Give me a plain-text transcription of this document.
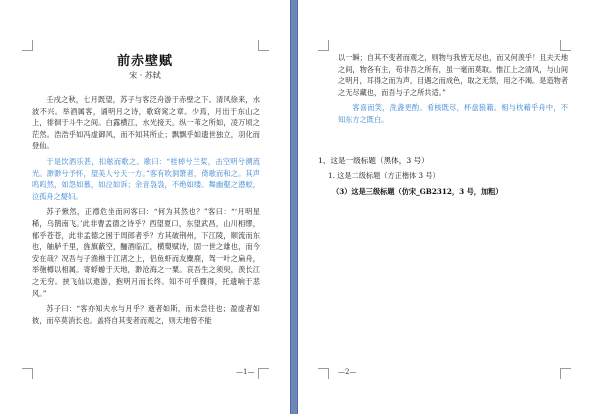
前赤壁赋
宋 · 苏轼

壬戌之秋，七月既望，苏子与客泛舟游于赤壁之下。清风徐来，水波不兴。举酒属客，诵明月之诗，歌窈窕之章。少焉，月出于东山之上，徘徊于斗牛之间。白露横江，水光接天。纵一苇之所如，凌万顷之茫然。浩浩乎如冯虚御风，而不知其所止；飘飘乎如遗世独立，羽化而登仙。

于是饮酒乐甚，扣舷而歌之。歌曰：“桂棹兮兰桨，击空明兮溯流光。渺渺兮予怀，望美人兮天一方。”客有吹洞箫者，倚歌而和之。其声呜呜然，如怨如慕，如泣如诉；余音袅袅，不绝如缕。舞幽壑之潜蛟，泣孤舟之嫠妇。

苏子愀然，正襟危坐而问客曰：“何为其然也？”客曰：“‘月明星稀，乌鹊南飞。’此非曹孟德之诗乎？西望夏口，东望武昌，山川相缪，郁乎苍苍，此非孟德之困于周郎者乎？方其破荆州，下江陵，顺流而东也，舳舻千里，旌旗蔽空，酾酒临江，横槊赋诗，固一世之雄也，而今安在哉？况吾与子渔樵于江渚之上，侣鱼虾而友麋鹿，驾一叶之扁舟，举匏樽以相属。寄蜉蝣于天地，渺沧海之一粟。哀吾生之须臾，羡长江之无穷。挟飞仙以遨游，抱明月而长终。知不可乎骤得，托遗响于悲风。”

苏子曰：“客亦知夫水与月乎？逝者如斯，而未尝往也；盈虚者如彼，而卒莫消长也。盖将自其变者而观之，则天地曾不能

—1—

以一瞬；自其不变者而观之，则物与我皆无尽也，而又何羡乎！且夫天地之间，物各有主，苟非吾之所有，虽一毫而莫取。惟江上之清风，与山间之明月，耳得之而为声，目遇之而成色，取之无禁，用之不竭。是造物者之无尽藏也，而吾与子之所共适。”

客喜而笑，洗盏更酌。肴核既尽，杯盘狼籍。相与枕藉乎舟中，不知东方之既白。

—2—
1、这是一级标题（黑体，3 号）
1. 这是二级标题（方正楷体 3 号）
（3）这是三级标题（仿宋_GB2312，3 号，加粗）
